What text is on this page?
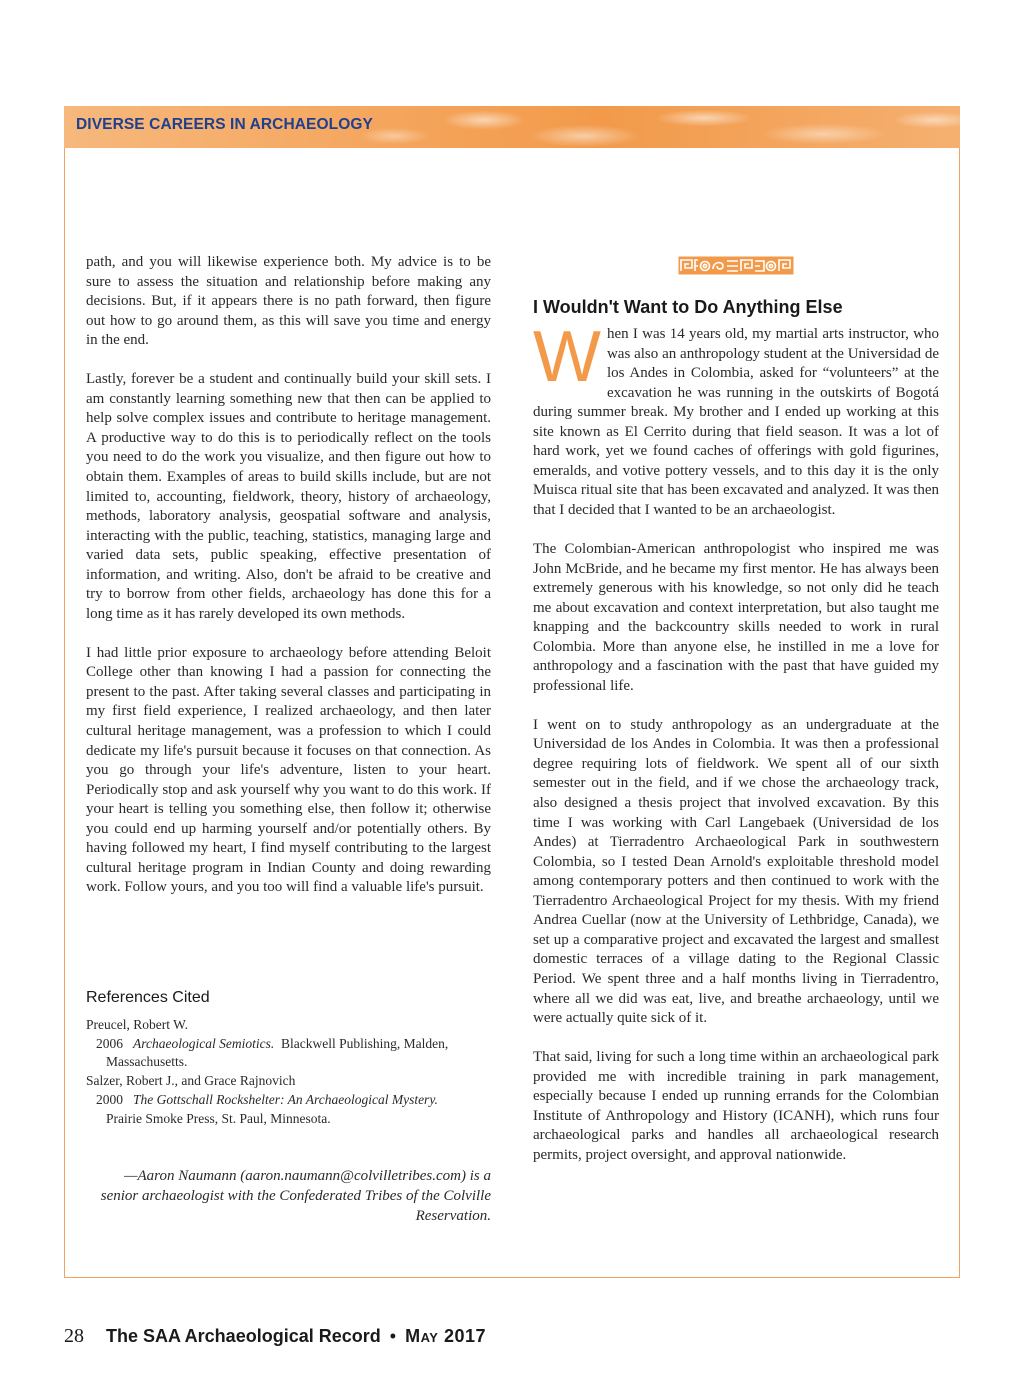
DIVERSE CAREERS IN ARCHAEOLOGY

path, and you will likewise experience both. My advice is to be sure to assess the situation and relationship before making any decisions. But, if it appears there is no path forward, then figure out how to go around them, as this will save you time and energy in the end.

Lastly, forever be a student and continually build your skill sets. I am constantly learning something new that then can be applied to help solve complex issues and contribute to heritage management. A productive way to do this is to periodically reflect on the tools you need to do the work you visualize, and then figure out how to obtain them. Examples of areas to build skills include, but are not limited to, accounting, fieldwork, theory, history of archaeology, methods, laboratory analysis, geospatial software and analysis, interacting with the public, teaching, statistics, managing large and varied data sets, public speaking, effective presentation of information, and writing. Also, don't be afraid to be creative and try to borrow from other fields, archaeology has done this for a long time as it has rarely developed its own methods.

I had little prior exposure to archaeology before attending Beloit College other than knowing I had a passion for connecting the present to the past. After taking several classes and participating in my first field experience, I realized archaeology, and then later cultural heritage management, was a profession to which I could dedicate my life's pursuit because it focuses on that connection. As you go through your life's adventure, listen to your heart. Periodically stop and ask yourself why you want to do this work. If your heart is telling you something else, then follow it; otherwise you could end up harming yourself and/or potentially others. By having followed my heart, I find myself contributing to the largest cultural heritage program in Indian County and doing rewarding work. Follow yours, and you too will find a valuable life's pursuit.

References Cited

Preucel, Robert W.

2006 Archaeological Semiotics. Blackwell Publishing, Malden,

Massachusetts.

Salzer, Robert J., and Grace Rajnovich

2000 The Gottschall Rockshelter: An Archaeological Mystery.

Prairie Smoke Press, St. Paul, Minnesota.

—Aaron Naumann (aaron.naumann@colvilletribes.com) is a senior archaeologist with the Confederated Tribes of the Colville Reservation.
I Wouldn't Want to Do Anything Else

When I was 14 years old, my martial arts instructor, who was also an anthropology student at the Universidad de los Andes in Colombia, asked for “volunteers” at the excavation he was running in the outskirts of Bogotá during summer break. My brother and I ended up working at this site known as El Cerrito during that field season. It was a lot of hard work, yet we found caches of offerings with gold figurines, emeralds, and votive pottery vessels, and to this day it is the only Muisca ritual site that has been excavated and analyzed. It was then that I decided that I wanted to be an archaeologist.

The Colombian-American anthropologist who inspired me was John McBride, and he became my first mentor. He has always been extremely generous with his knowledge, so not only did he teach me about excavation and context interpretation, but also taught me knapping and the backcountry skills needed to work in rural Colombia. More than anyone else, he instilled in me a love for anthropology and a fascination with the past that have guided my professional life.

I went on to study anthropology as an undergraduate at the Universidad de los Andes in Colombia. It was then a professional degree requiring lots of fieldwork. We spent all of our sixth semester out in the field, and if we chose the archaeology track, also designed a thesis project that involved excavation. By this time I was working with Carl Langebaek (Universidad de los Andes) at Tierradentro Archaeological Park in southwestern Colombia, so I tested Dean Arnold's exploitable threshold model among contemporary potters and then continued to work with the Tierradentro Archaeological Project for my thesis. With my friend Andrea Cuellar (now at the University of Lethbridge, Canada), we set up a comparative project and excavated the largest and smallest domestic terraces of a village dating to the Regional Classic Period. We spent three and a half months living in Tierradentro, where all we did was eat, live, and breathe archaeology, until we were actually quite sick of it.

That said, living for such a long time within an archaeological park provided me with incredible training in park management, especially because I ended up running errands for the Colombian Institute of Anthropology and History (ICANH), which runs four archaeological parks and handles all archaeological research permits, project oversight, and approval nationwide.

28 The SAA Archaeological Record • May 2017
